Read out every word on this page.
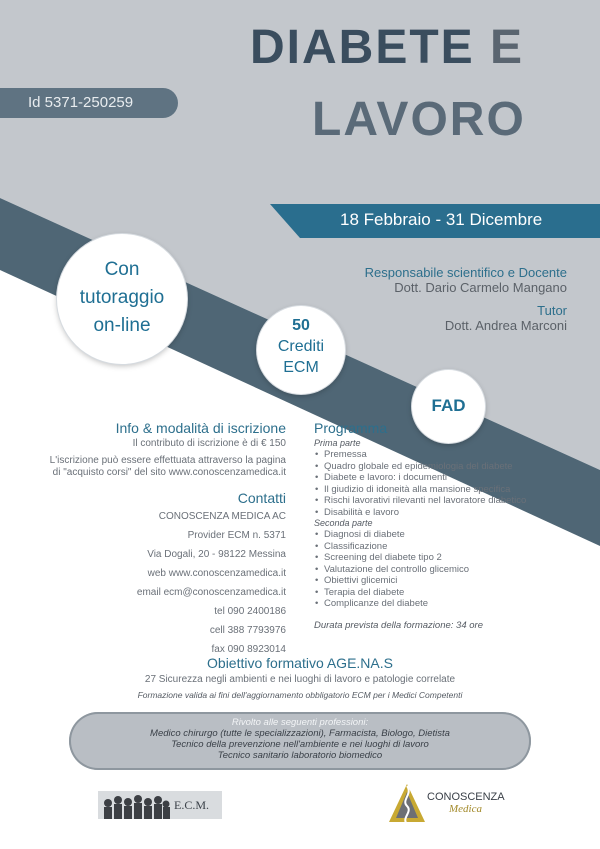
DIABETE E
LAVORO
Id 5371-250259
18 Febbraio - 31 Dicembre
Responsabile scientifico e Docente
Dott. Dario Carmelo Mangano
Tutor
Dott. Andrea Marconi
Con
tutoraggio
on-line	50
Crediti
ECM
FAD
Info & modalità di iscrizione
Il contributo di iscrizione è di € 150
L'iscrizione può essere effettuata attraverso la pagina
di "acquisto corsi" del sito www.conoscenzamedica.it
Contatti
CONOSCENZA MEDICA AC
Provider ECM n. 5371
Via Dogali, 20 - 98122 Messina
web www.conoscenzamedica.it
email ecm@conoscenzamedica.it
tel 090 2400186
cell 388 7793976
fax 090 8923014
Programma
Prima parte
• Premessa
• Quadro globale ed epidemiologia del diabete
• Diabete e lavoro: i documenti
• Il giudizio di idoneità alla mansione specifica
• Rischi lavorativi rilevanti nel lavoratore diabetico
• Disabilità e lavoro
Seconda parte
• Diagnosi di diabete
• Classificazione
• Screening del diabete tipo 2
• Valutazione del controllo glicemico
• Obiettivi glicemici
• Terapia del diabete
• Complicanze del diabete
Durata prevista della formazione: 34 ore
Obiettivo formativo AGE.NA.S
27 Sicurezza negli ambienti e nei luoghi di lavoro e patologie correlate
Formazione valida ai fini dell'aggiornamento obbligatorio ECM per i Medici Competenti
Rivolto alle seguenti professioni:
Medico chirurgo (tutte le specializzazioni), Farmacista, Biologo, Dietista
Tecnico della prevenzione nell'ambiente e nei luoghi di lavoro
Tecnico sanitario laboratorio biomedico
E.C.M.
CONOSCENZA
Medica
